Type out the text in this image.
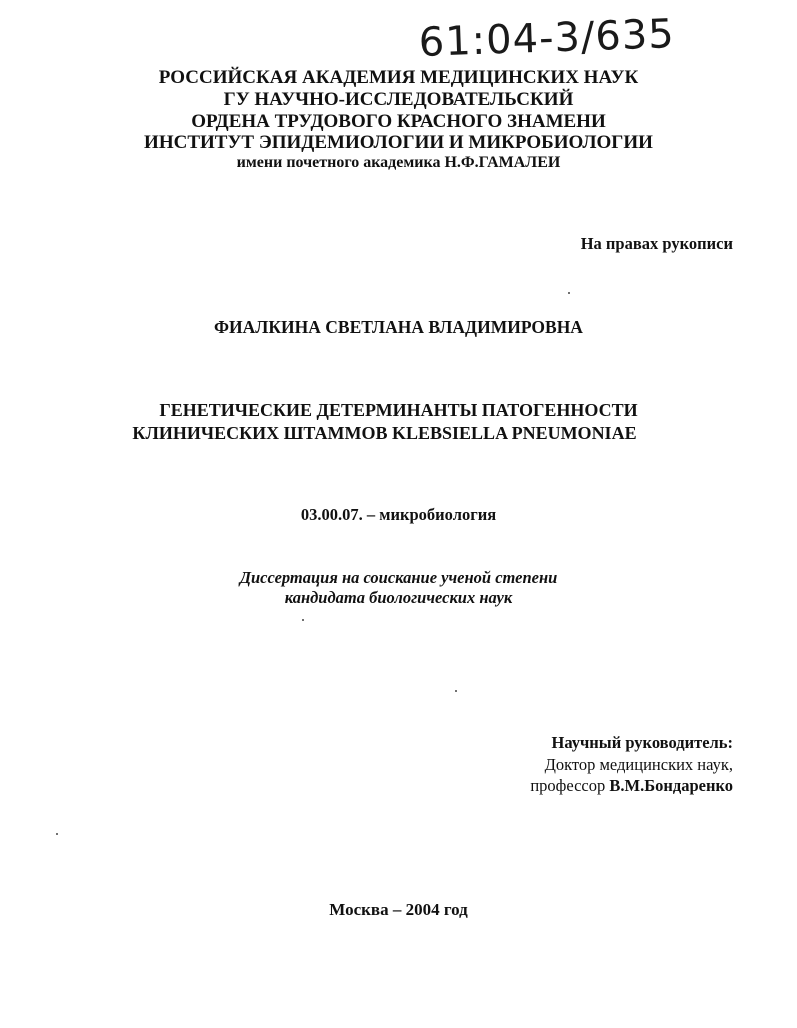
61:04-3/635
РОССИЙСКАЯ АКАДЕМИЯ МЕДИЦИНСКИХ НАУК
ГУ НАУЧНО-ИССЛЕДОВАТЕЛЬСКИЙ
ОРДЕНА ТРУДОВОГО КРАСНОГО ЗНАМЕНИ
ИНСТИТУТ ЭПИДЕМИОЛОГИИ И МИКРОБИОЛОГИИ
имени почетного академика Н.Ф.ГАМАЛЕИ
На правах рукописи
ФИАЛКИНА СВЕТЛАНА ВЛАДИМИРОВНА
ГЕНЕТИЧЕСКИЕ ДЕТЕРМИНАНТЫ ПАТОГЕННОСТИ
КЛИНИЧЕСКИХ ШТАММОВ KLEBSIELLA PNEUMONIAE
03.00.07. – микробиология
Диссертация на соискание ученой степени
кандидата биологических наук
Научный руководитель:
Доктор медицинских наук,
профессор В.М.Бондаренко
Москва – 2004 год
